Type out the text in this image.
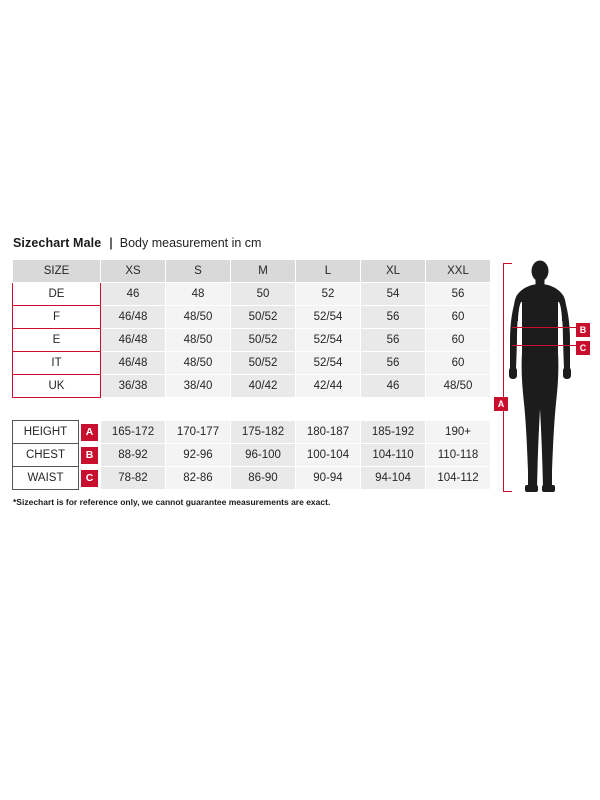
Sizechart Male | Body measurement in cm
SIZE		XS	S	M	L	XL	XXL
DE		46	48	50	52	54	56
F		46/48	48/50	50/52	52/54	56	60
E		46/48	48/50	50/52	52/54	56	60
IT		46/48	48/50	50/52	52/54	56	60
UK		36/38	38/40	40/42	42/44	46	48/50

HEIGHT	A	165-172	170-177	175-182	180-187	185-192	190+
CHEST	B	88-92	92-96	96-100	100-104	104-110	110-118
WAIST	C	78-82	82-86	86-90	90-94	94-104	104-112
*Sizechart is for reference only, we cannot guarantee measurements are exact.
A
B
C
